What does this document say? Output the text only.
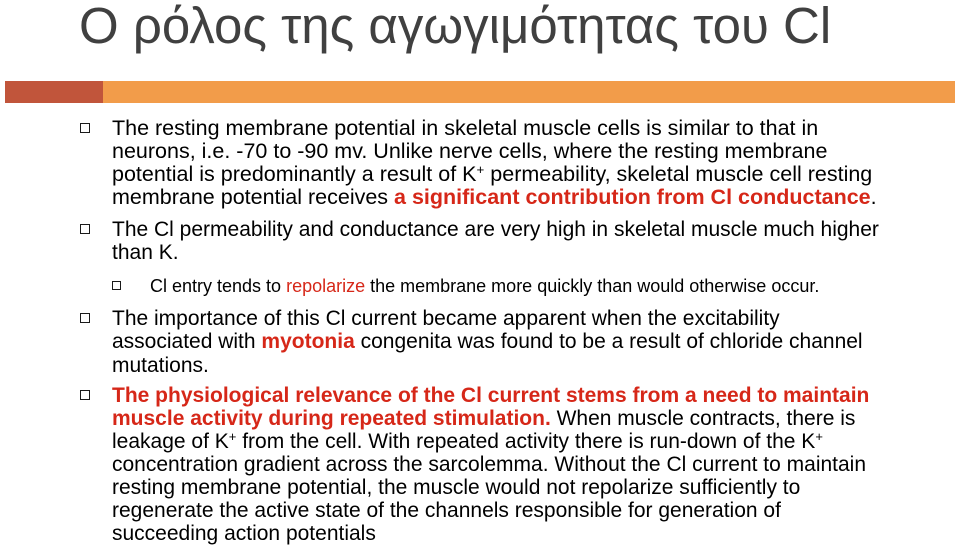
Ο ρόλος της αγωγιμότητας του Cl
The resting membrane potential in skeletal muscle cells is similar to that in
neurons, i.e. -70 to -90 mv. Unlike nerve cells, where the resting membrane
potential is predominantly a result of K+ permeability, skeletal muscle cell resting
membrane potential receives a significant contribution from Cl conductance.
The Cl permeability and conductance are very high in skeletal muscle much higher
than K.
Cl entry tends to repolarize the membrane more quickly than would otherwise occur.
The importance of this Cl current became apparent when the excitability
associated with myotonia congenita was found to be a result of chloride channel
mutations.
The physiological relevance of the Cl current stems from a need to maintain
muscle activity during repeated stimulation. When muscle contracts, there is
leakage of K+ from the cell. With repeated activity there is run-down of the K+
concentration gradient across the sarcolemma. Without the Cl current to maintain
resting membrane potential, the muscle would not repolarize sufficiently to
regenerate the active state of the channels responsible for generation of
succeeding action potentials
